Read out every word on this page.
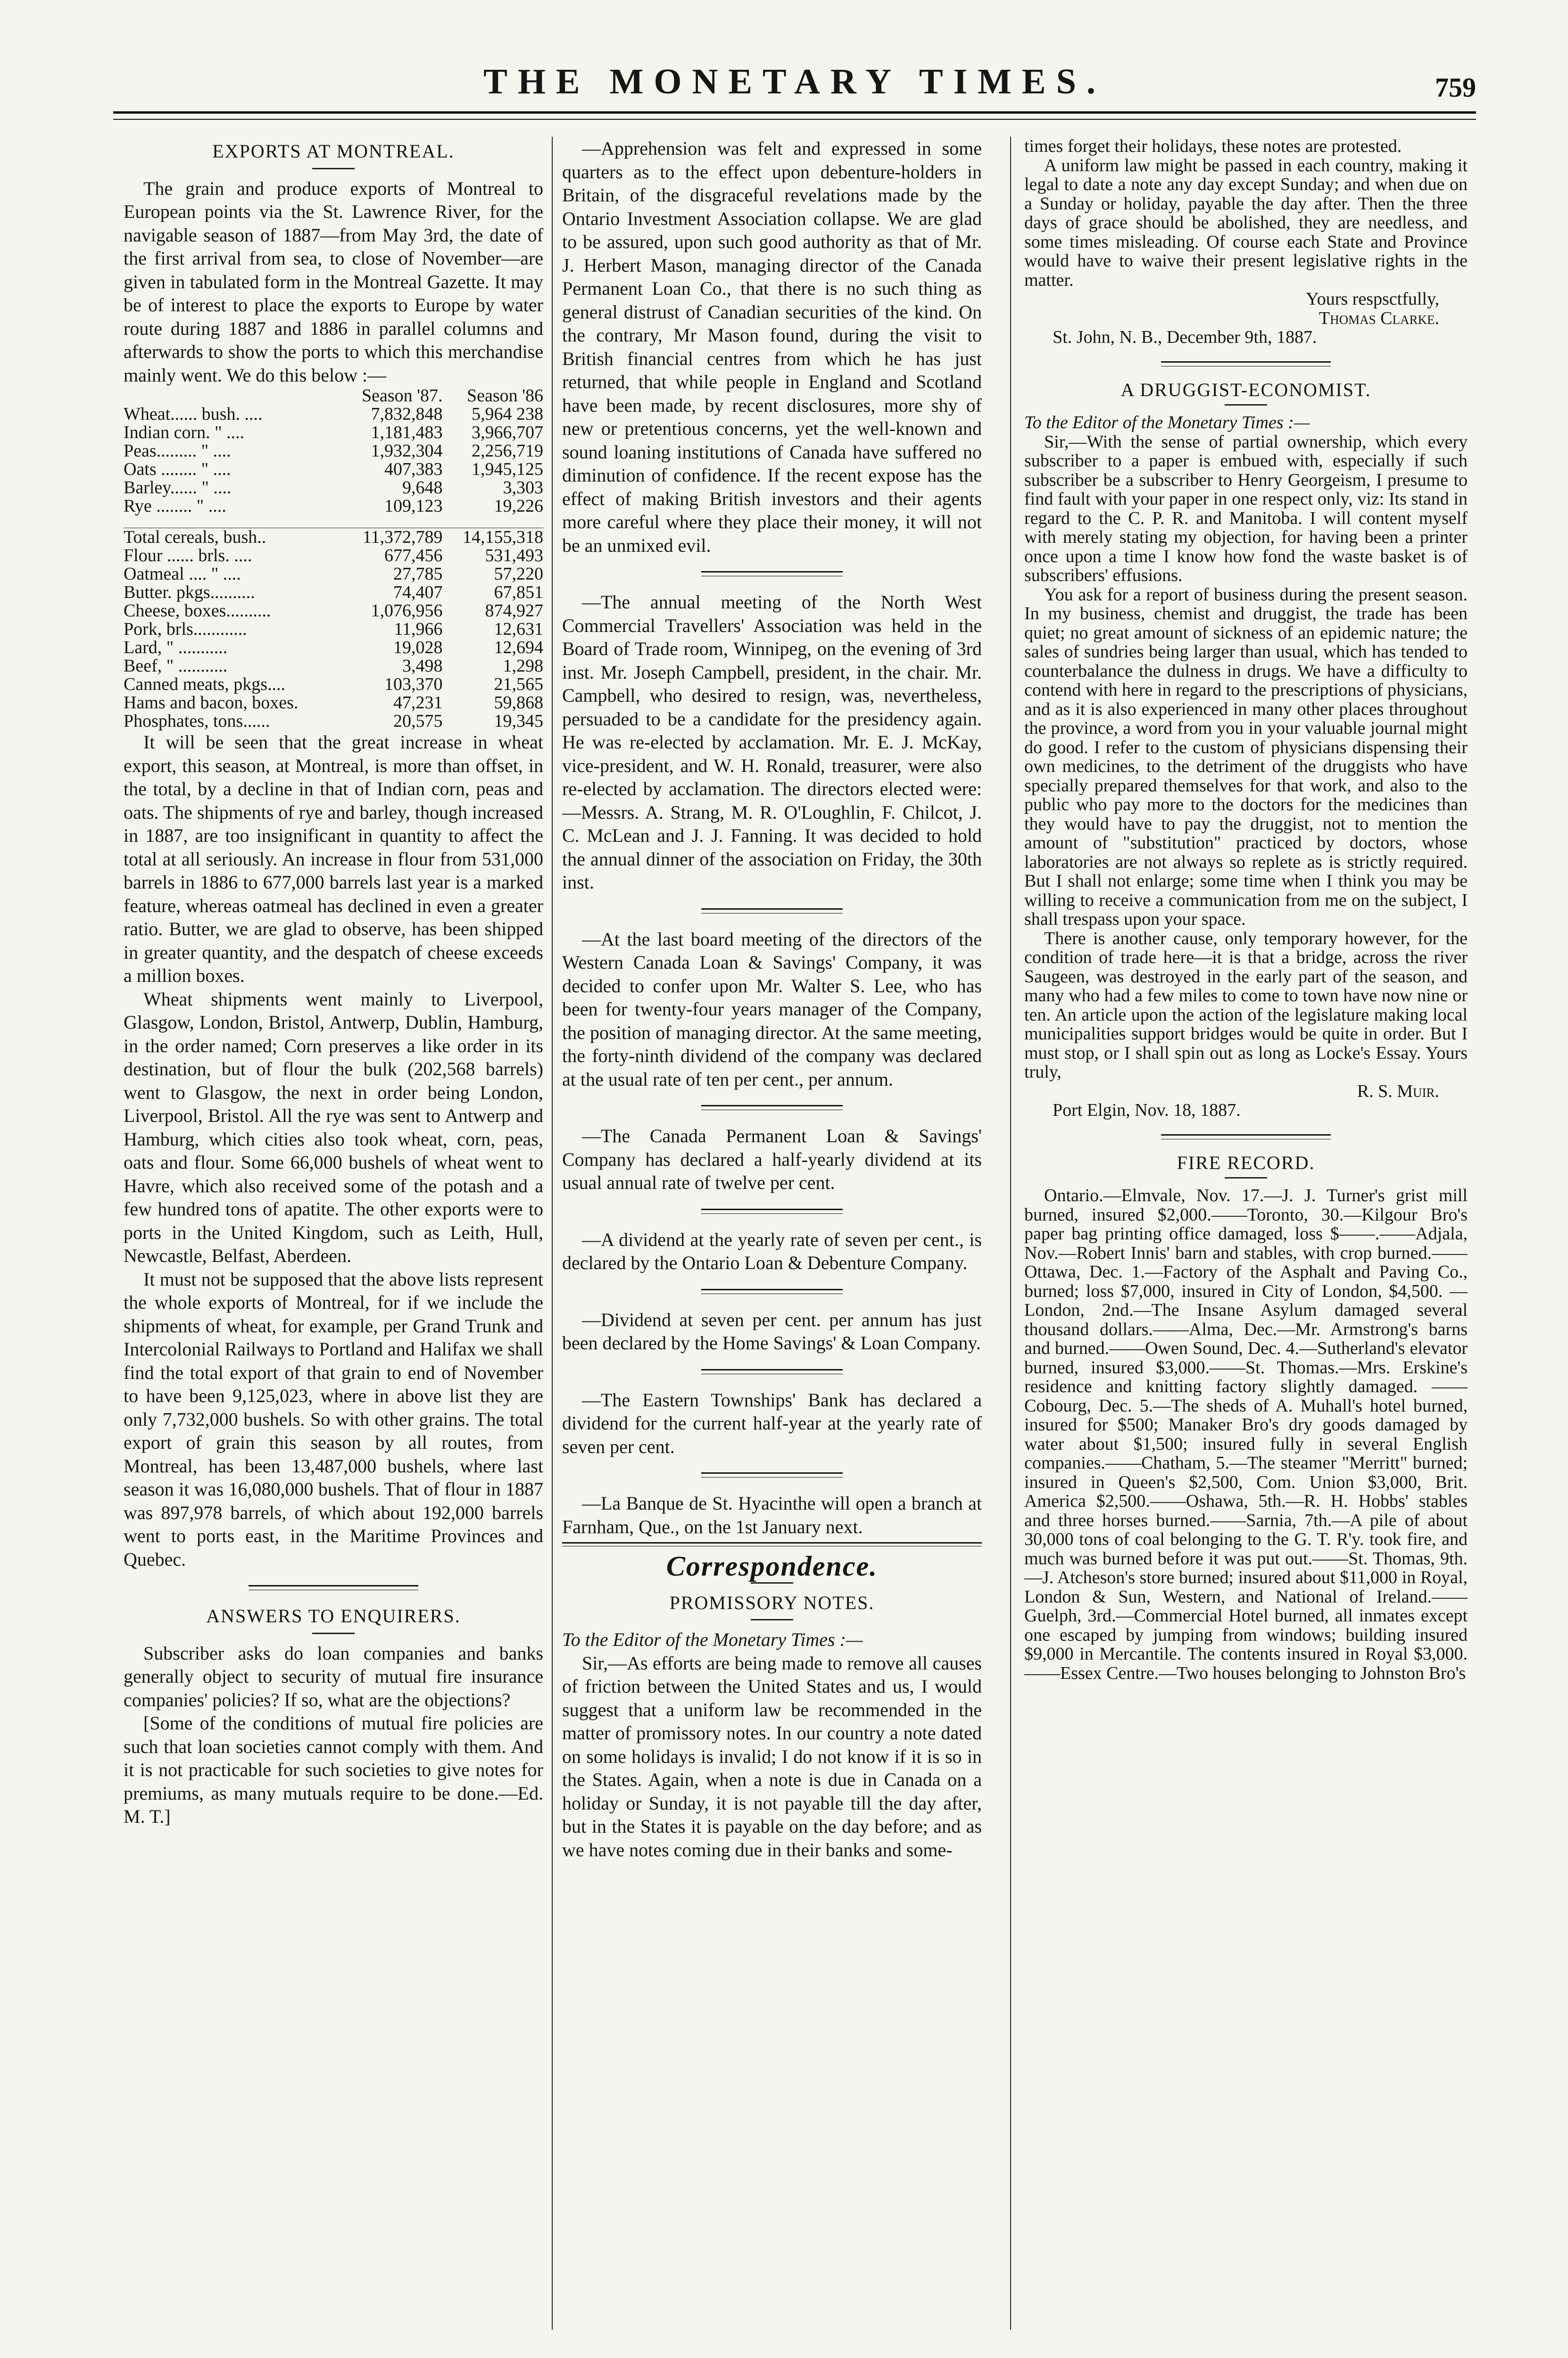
THE MONETARY TIMES.	759
EXPORTS AT MONTREAL.

The grain and produce exports of Montreal to European points via the St. Lawrence River, for the navigable season of 1887—from May 3rd, the date of the first arrival from sea, to close of November—are given in tabulated form in the Montreal Gazette. It may be of interest to place the exports to Europe by water route during 1887 and 1886 in parallel columns and afterwards to show the ports to which this merchandise mainly went. We do this below :—

	Season '87.	Season '86
Wheat...... bush. ....	7,832,848	5,964 238
Indian corn. " ....	1,181,483	3,966,707
Peas......... " ....	1,932,304	2,256,719
Oats ........ " ....	407,383	1,945,125
Barley...... " ....	9,648	3,303
Rye ........ " ....	109,123	19,226

Total cereals, bush..	11,372,789	14,155,318
Flour ...... brls. ....	677,456	531,493
Oatmeal .... " ....	27,785	57,220
Butter. pkgs..........	74,407	67,851
Cheese, boxes..........	1,076,956	874,927
Pork, brls............	11,966	12,631
Lard, " ...........	19,028	12,694
Beef, " ...........	3,498	1,298
Canned meats, pkgs....	103,370	21,565
Hams and bacon, boxes.	47,231	59,868
Phosphates, tons......	20,575	19,345

It will be seen that the great increase in wheat export, this season, at Montreal, is more than offset, in the total, by a decline in that of Indian corn, peas and oats. The shipments of rye and barley, though increased in 1887, are too insignificant in quantity to affect the total at all seriously. An increase in flour from 531,000 barrels in 1886 to 677,000 barrels last year is a marked feature, whereas oatmeal has declined in even a greater ratio. Butter, we are glad to observe, has been shipped in greater quantity, and the despatch of cheese exceeds a million boxes.

Wheat shipments went mainly to Liverpool, Glasgow, London, Bristol, Antwerp, Dublin, Hamburg, in the order named; Corn preserves a like order in its destination, but of flour the bulk (202,568 barrels) went to Glasgow, the next in order being London, Liverpool, Bristol. All the rye was sent to Antwerp and Hamburg, which cities also took wheat, corn, peas, oats and flour. Some 66,000 bushels of wheat went to Havre, which also received some of the potash and a few hundred tons of apatite. The other exports were to ports in the United Kingdom, such as Leith, Hull, Newcastle, Belfast, Aberdeen.

It must not be supposed that the above lists represent the whole exports of Montreal, for if we include the shipments of wheat, for example, per Grand Trunk and Intercolonial Railways to Portland and Halifax we shall find the total export of that grain to end of November to have been 9,125,023, where in above list they are only 7,732,000 bushels. So with other grains. The total export of grain this season by all routes, from Montreal, has been 13,487,000 bushels, where last season it was 16,080,000 bushels. That of flour in 1887 was 897,978 barrels, of which about 192,000 barrels went to ports east, in the Maritime Provinces and Quebec.

ANSWERS TO ENQUIRERS.

Subscriber asks do loan companies and banks generally object to security of mutual fire insurance companies' policies? If so, what are the objections?

[Some of the conditions of mutual fire policies are such that loan societies cannot comply with them. And it is not practicable for such societies to give notes for premiums, as many mutuals require to be done.—Ed. M. T.]

—Apprehension was felt and expressed in some quarters as to the effect upon debenture-holders in Britain, of the disgraceful revelations made by the Ontario Investment Association collapse. We are glad to be assured, upon such good authority as that of Mr. J. Herbert Mason, managing director of the Canada Permanent Loan Co., that there is no such thing as general distrust of Canadian securities of the kind. On the contrary, Mr Mason found, during the visit to British financial centres from which he has just returned, that while people in England and Scotland have been made, by recent disclosures, more shy of new or pretentious concerns, yet the well-known and sound loaning institutions of Canada have suffered no diminution of confidence. If the recent expose has the effect of making British investors and their agents more careful where they place their money, it will not be an unmixed evil.

—The annual meeting of the North West Commercial Travellers' Association was held in the Board of Trade room, Winnipeg, on the evening of 3rd inst. Mr. Joseph Campbell, president, in the chair. Mr. Campbell, who desired to resign, was, nevertheless, persuaded to be a candidate for the presidency again. He was re-elected by acclamation. Mr. E. J. McKay, vice-president, and W. H. Ronald, treasurer, were also re-elected by acclamation. The directors elected were:—Messrs. A. Strang, M. R. O'Loughlin, F. Chilcot, J. C. McLean and J. J. Fanning. It was decided to hold the annual dinner of the association on Friday, the 30th inst.

—At the last board meeting of the directors of the Western Canada Loan & Savings' Company, it was decided to confer upon Mr. Walter S. Lee, who has been for twenty-four years manager of the Company, the position of managing director. At the same meeting, the forty-ninth dividend of the company was declared at the usual rate of ten per cent., per annum.

—The Canada Permanent Loan & Savings' Company has declared a half-yearly dividend at its usual annual rate of twelve per cent.

—A dividend at the yearly rate of seven per cent., is declared by the Ontario Loan & Debenture Company.

—Dividend at seven per cent. per annum has just been declared by the Home Savings' & Loan Company.

—The Eastern Townships' Bank has declared a dividend for the current half-year at the yearly rate of seven per cent.

—La Banque de St. Hyacinthe will open a branch at Farnham, Que., on the 1st January next.

Correspondence.
PROMISSORY NOTES.

To the Editor of the Monetary Times :—

Sir,—As efforts are being made to remove all causes of friction between the United States and us, I would suggest that a uniform law be recommended in the matter of promissory notes. In our country a note dated on some holidays is invalid; I do not know if it is so in the States. Again, when a note is due in Canada on a holiday or Sunday, it is not payable till the day after, but in the States it is payable on the day before; and as we have notes coming due in their banks and some-

times forget their holidays, these notes are protested.

A uniform law might be passed in each country, making it legal to date a note any day except Sunday; and when due on a Sunday or holiday, payable the day after. Then the three days of grace should be abolished, they are needless, and some times misleading. Of course each State and Province would have to waive their present legislative rights in the matter.

Yours respsctfully,
Thomas Clarke.

St. John, N. B., December 9th, 1887.

A DRUGGIST-ECONOMIST.

To the Editor of the Monetary Times :—

Sir,—With the sense of partial ownership, which every subscriber to a paper is embued with, especially if such subscriber be a subscriber to Henry Georgeism, I presume to find fault with your paper in one respect only, viz: Its stand in regard to the C. P. R. and Manitoba. I will content myself with merely stating my objection, for having been a printer once upon a time I know how fond the waste basket is of subscribers' effusions.

You ask for a report of business during the present season. In my business, chemist and druggist, the trade has been quiet; no great amount of sickness of an epidemic nature; the sales of sundries being larger than usual, which has tended to counterbalance the dulness in drugs. We have a difficulty to contend with here in regard to the prescriptions of physicians, and as it is also experienced in many other places throughout the province, a word from you in your valuable journal might do good. I refer to the custom of physicians dispensing their own medicines, to the detriment of the druggists who have specially prepared themselves for that work, and also to the public who pay more to the doctors for the medicines than they would have to pay the druggist, not to mention the amount of "substitution" practiced by doctors, whose laboratories are not always so replete as is strictly required. But I shall not enlarge; some time when I think you may be willing to receive a communication from me on the subject, I shall trespass upon your space.

There is another cause, only temporary however, for the condition of trade here—it is that a bridge, across the river Saugeen, was destroyed in the early part of the season, and many who had a few miles to come to town have now nine or ten. An article upon the action of the legislature making local municipalities support bridges would be quite in order. But I must stop, or I shall spin out as long as Locke's Essay. Yours truly,

R. S. Muir.

Port Elgin, Nov. 18, 1887.

FIRE RECORD.

Ontario.—Elmvale, Nov. 17.—J. J. Turner's grist mill burned, insured $2,000.——Toronto, 30.—Kilgour Bro's paper bag printing office damaged, loss $——.——Adjala, Nov.—Robert Innis' barn and stables, with crop burned.——Ottawa, Dec. 1.—Factory of the Asphalt and Paving Co., burned; loss $7,000, insured in City of London, $4,500. — London, 2nd.—The Insane Asylum damaged several thousand dollars.——Alma, Dec.—Mr. Armstrong's barns and burned.——Owen Sound, Dec. 4.—Sutherland's elevator burned, insured $3,000.——St. Thomas.—Mrs. Erskine's residence and knitting factory slightly damaged. ——Cobourg, Dec. 5.—The sheds of A. Muhall's hotel burned, insured for $500; Manaker Bro's dry goods damaged by water about $1,500; insured fully in several English companies.——Chatham, 5.—The steamer "Merritt" burned; insured in Queen's $2,500, Com. Union $3,000, Brit. America $2,500.——Oshawa, 5th.—R. H. Hobbs' stables and three horses burned.——Sarnia, 7th.—A pile of about 30,000 tons of coal belonging to the G. T. R'y. took fire, and much was burned before it was put out.——St. Thomas, 9th.—J. Atcheson's store burned; insured about $11,000 in Royal, London & Sun, Western, and National of Ireland.——Guelph, 3rd.—Commercial Hotel burned, all inmates except one escaped by jumping from windows; building insured $9,000 in Mercantile. The contents insured in Royal $3,000.——Essex Centre.—Two houses belonging to Johnston Bro's
